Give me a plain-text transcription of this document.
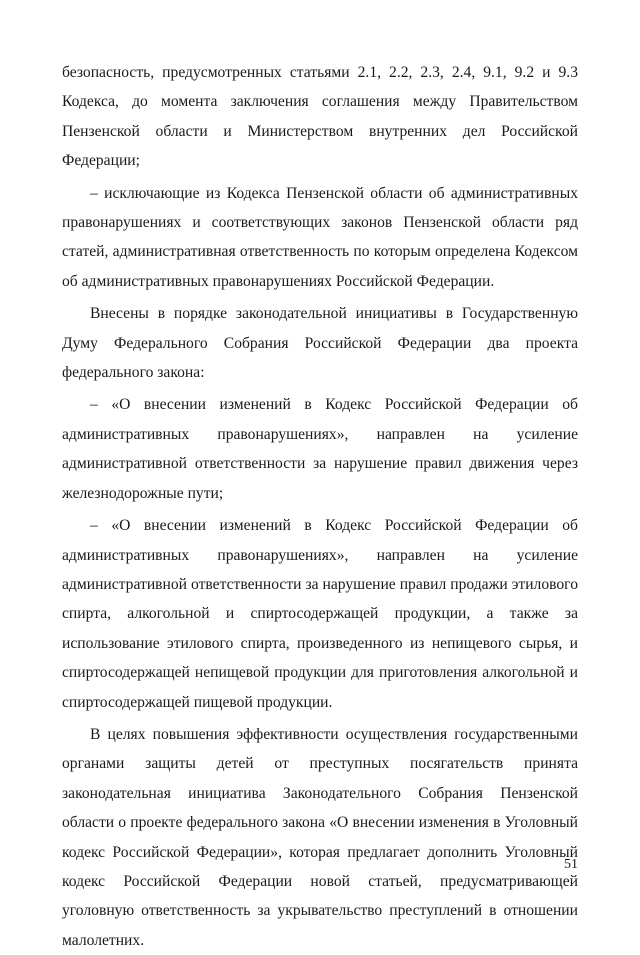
безопасность, предусмотренных статьями 2.1, 2.2, 2.3, 2.4, 9.1, 9.2 и 9.3 Кодекса, до момента заключения соглашения между Правительством Пензенской области и Министерством внутренних дел Российской Федерации;

– исключающие из Кодекса Пензенской области об административных правонарушениях и соответствующих законов Пензенской области ряд статей, административная ответственность по которым определена Кодексом об административных правонарушениях Российской Федерации.

Внесены в порядке законодательной инициативы в Государственную Думу Федерального Собрания Российской Федерации два проекта федерального закона:

– «О внесении изменений в Кодекс Российской Федерации об административных правонарушениях», направлен на усиление административной ответственности за нарушение правил движения через железнодорожные пути;

– «О внесении изменений в Кодекс Российской Федерации об административных правонарушениях», направлен на усиление административной ответственности за нарушение правил продажи этилового спирта, алкогольной и спиртосодержащей продукции, а также за использование этилового спирта, произведенного из непищевого сырья, и спиртосодержащей непищевой продукции для приготовления алкогольной и спиртосодержащей пищевой продукции.

В целях повышения эффективности осуществления государственными органами защиты детей от преступных посягательств принята законодательная инициатива Законодательного Собрания Пензенской области о проекте федерального закона «О внесении изменения в Уголовный кодекс Российской Федерации», которая предлагает дополнить Уголовный кодекс Российской Федерации новой статьей, предусматривающей уголовную ответственность за укрывательство преступлений в отношении малолетних.

51
